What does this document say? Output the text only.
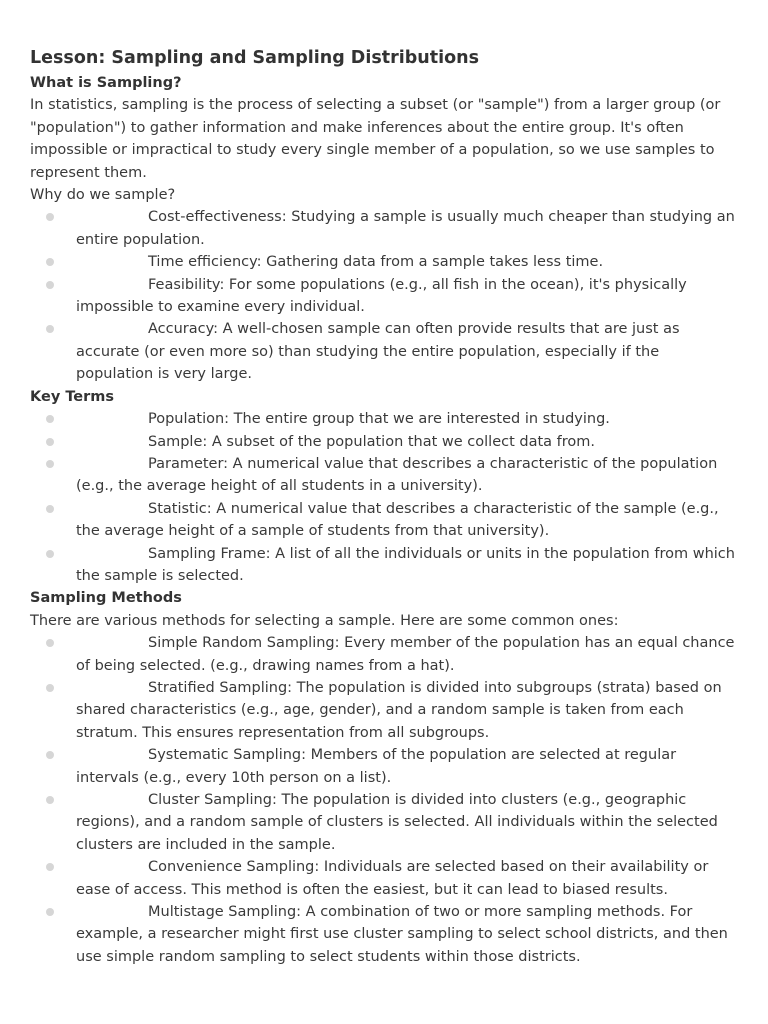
Lesson: Sampling and Sampling Distributions
What is Sampling?

In statistics, sampling is the process of selecting a subset (or "sample") from a larger group (or "population") to gather information and make inferences about the entire group. It's often impossible or impractical to study every single member of a population, so we use samples to represent them.

Why do we sample?

Cost-effectiveness: Studying a sample is usually much cheaper than studying an entire population.
Time efficiency: Gathering data from a sample takes less time.
Feasibility: For some populations (e.g., all fish in the ocean), it's physically impossible to examine every individual.
Accuracy: A well-chosen sample can often provide results that are just as accurate (or even more so) than studying the entire population, especially if the population is very large.
Key Terms
Population: The entire group that we are interested in studying.
Sample: A subset of the population that we collect data from.
Parameter: A numerical value that describes a characteristic of the population (e.g., the average height of all students in a university).
Statistic: A numerical value that describes a characteristic of the sample (e.g., the average height of a sample of students from that university).
Sampling Frame: A list of all the individuals or units in the population from which the sample is selected.
Sampling Methods

There are various methods for selecting a sample. Here are some common ones:

Simple Random Sampling: Every member of the population has an equal chance of being selected. (e.g., drawing names from a hat).
Stratified Sampling: The population is divided into subgroups (strata) based on shared characteristics (e.g., age, gender), and a random sample is taken from each stratum. This ensures representation from all subgroups.
Systematic Sampling: Members of the population are selected at regular intervals (e.g., every 10th person on a list).
Cluster Sampling: The population is divided into clusters (e.g., geographic regions), and a random sample of clusters is selected. All individuals within the selected clusters are included in the sample.
Convenience Sampling: Individuals are selected based on their availability or ease of access. This method is often the easiest, but it can lead to biased results.
Multistage Sampling: A combination of two or more sampling methods. For example, a researcher might first use cluster sampling to select school districts, and then use simple random sampling to select students within those districts.
